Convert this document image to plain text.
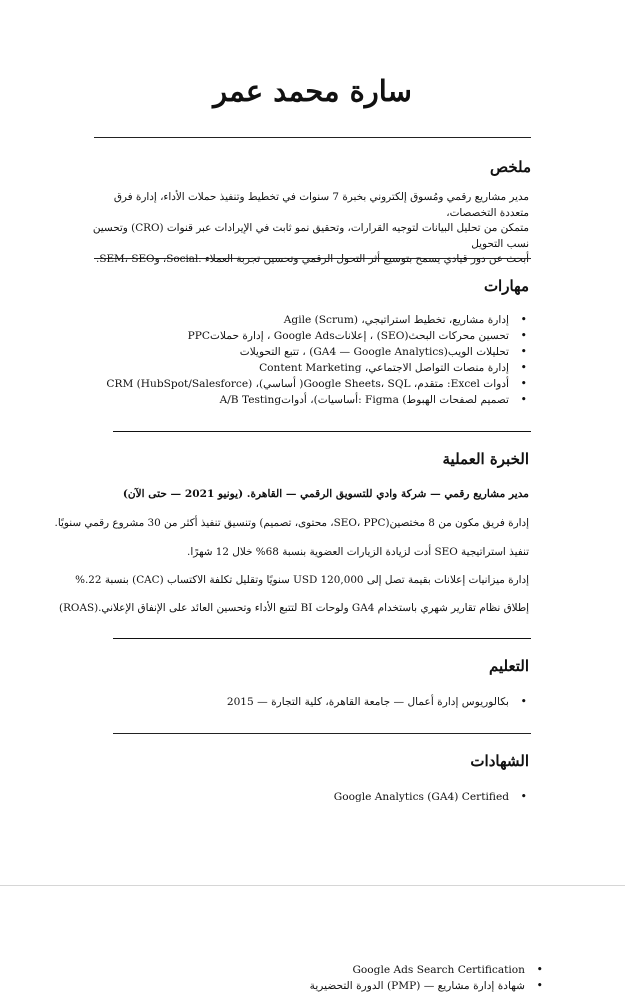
سارة محمد عمر
ملخص
مدير مشاريع رقمي ومُسوق إلكتروني بخبرة 7 سنوات في تخطيط وتنفيذ حملات الأداء، إدارة فرق متعددة التخصصات،
متمكن من تحليل البيانات لتوجيه القرارات، وتحقيق نمو ثابت في الإيرادات عبر قنوات (CRO) وتحسين نسب التحويل
أبحث عن دور قيادي يسمح بتوسيع أثر التحول الرقمي وتحسين تجربة العملاء .Social، وSEM، SEO.
مهارات
• إدارة مشاريع، تخطيط استراتيجي، Agile (Scrum)
• تحسين محركات البحث(SEO) ، إعلاناتGoogle Ads ، إدارة حملاتPPC
• تحليلات الويب(GA4 — Google Analytics) ، تتبع التحويلات
• إدارة منصات التواصل الاجتماعي، Content Marketing
• أدوات Excel: متقدم، Google Sheets، SQL( أساسي)، CRM (HubSpot/Salesforce)
• تصميم لصفحات الهبوط) Figma :أساسيات)، أدواتA/B Testing
الخبرة العملية
مدير مشاريع رقمي — شركة وادي للتسويق الرقمي — القاهرة. (يونيو 2021 — حتى الآن)
إدارة فريق مكون من 8 مختصين(SEO، PPC، محتوى، تصميم) وتنسيق تنفيذ أكثر من 30 مشروع رقمي سنويًا.
تنفيذ استراتيجية SEO أدت لزيادة الزيارات العضوية بنسبة 68% خلال 12 شهرًا.
إدارة ميزانيات إعلانات بقيمة تصل إلى USD 120,000 سنويًا وتقليل تكلفة الاكتساب (CAC) بنسبة 22.%
إطلاق نظام تقارير شهري باستخدام GA4 ولوحات BI لتتبع الأداء وتحسين العائد على الإنفاق الإعلاني.(ROAS)
التعليم
• بكالوريوس إدارة أعمال — جامعة القاهرة، كلية التجارة — 2015
الشهادات
• Google Analytics (GA4) Certified
• Google Ads Search Certification
• شهادة إدارة مشاريع — (PMP) الدورة التحضيرية
